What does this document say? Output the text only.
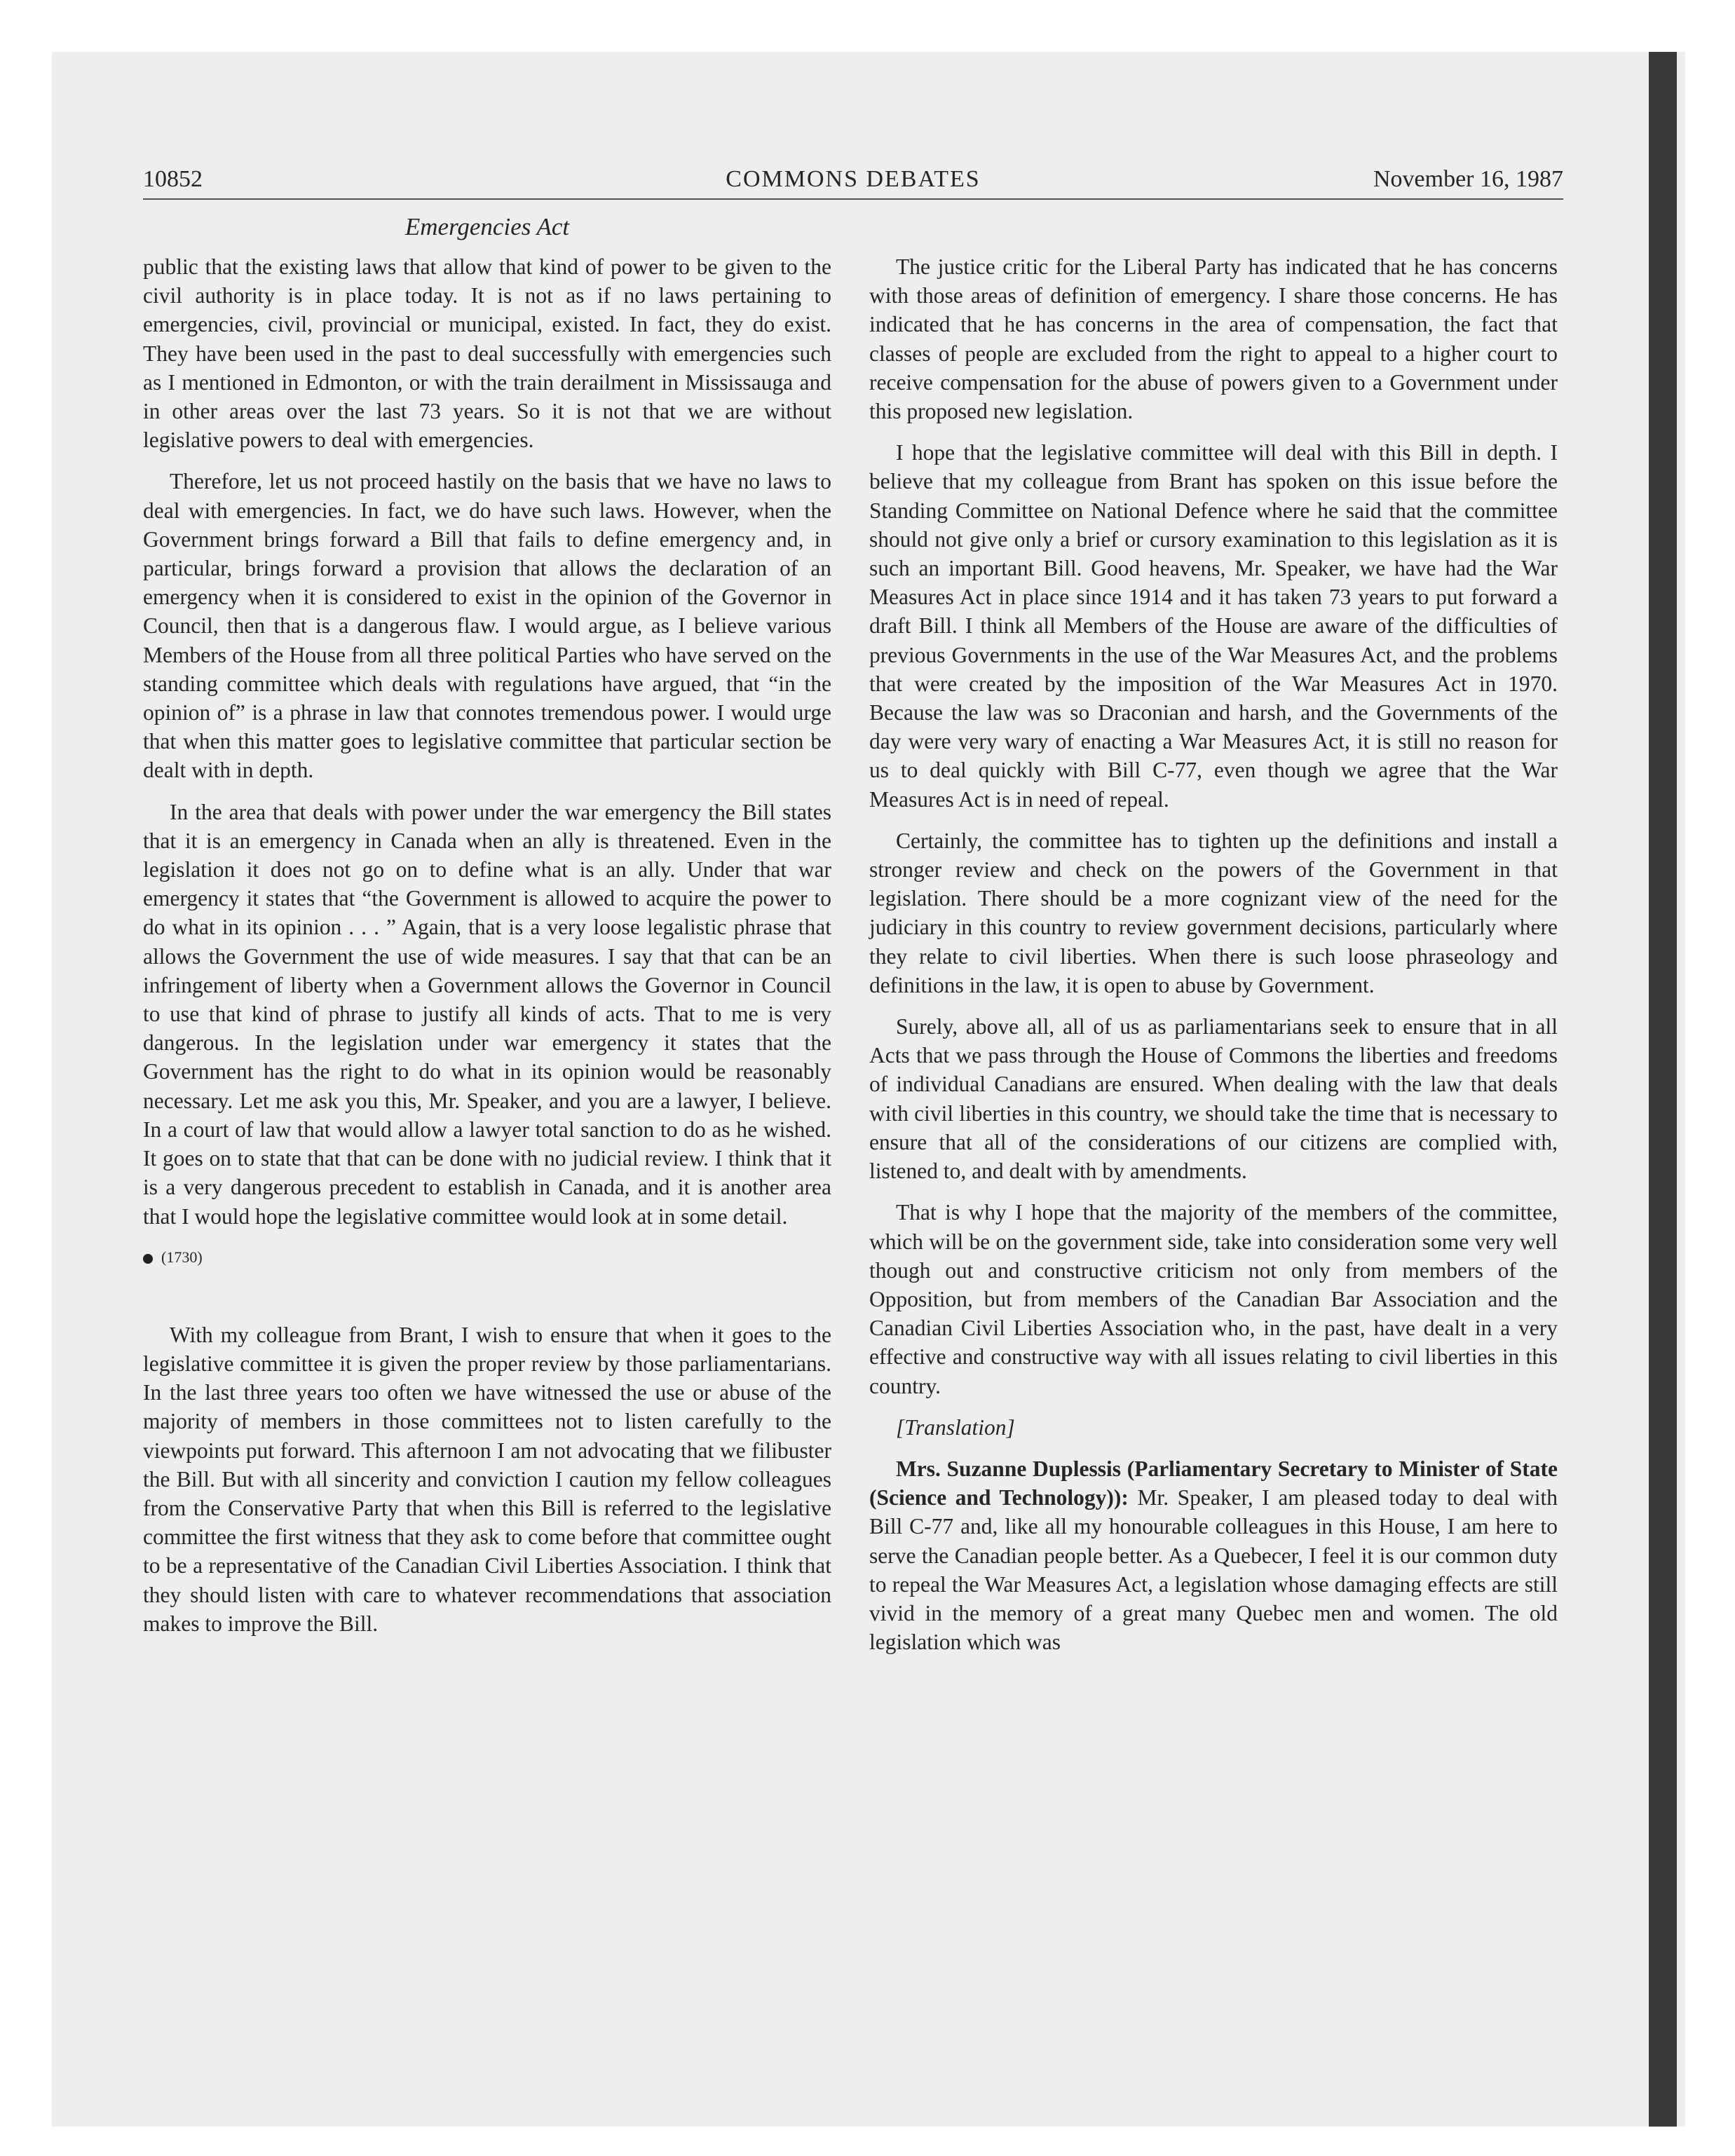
10852	COMMONS DEBATES	November 16, 1987
Emergencies Act

public that the existing laws that allow that kind of power to be given to the civil authority is in place today. It is not as if no laws pertaining to emergencies, civil, provincial or municipal, existed. In fact, they do exist. They have been used in the past to deal successfully with emergencies such as I mentioned in Edmonton, or with the train derailment in Mississauga and in other areas over the last 73 years. So it is not that we are without legislative powers to deal with emergencies.

Therefore, let us not proceed hastily on the basis that we have no laws to deal with emergencies. In fact, we do have such laws. However, when the Government brings forward a Bill that fails to define emergency and, in particular, brings forward a provision that allows the declaration of an emergency when it is considered to exist in the opinion of the Governor in Council, then that is a dangerous flaw. I would argue, as I believe various Members of the House from all three political Parties who have served on the standing committee which deals with regulations have argued, that “in the opinion of” is a phrase in law that connotes tremendous power. I would urge that when this matter goes to legislative committee that particular section be dealt with in depth.

In the area that deals with power under the war emergency the Bill states that it is an emergency in Canada when an ally is threatened. Even in the legislation it does not go on to define what is an ally. Under that war emergency it states that “the Government is allowed to acquire the power to do what in its opinion . . . ” Again, that is a very loose legalistic phrase that allows the Government the use of wide measures. I say that that can be an infringement of liberty when a Government allows the Governor in Council to use that kind of phrase to justify all kinds of acts. That to me is very dangerous. In the legislation under war emergency it states that the Government has the right to do what in its opinion would be reasonably necessary. Let me ask you this, Mr. Speaker, and you are a lawyer, I believe. In a court of law that would allow a lawyer total sanction to do as he wished. It goes on to state that that can be done with no judicial review. I think that it is a very dangerous precedent to establish in Canada, and it is another area that I would hope the legislative committee would look at in some detail.

(1730)

With my colleague from Brant, I wish to ensure that when it goes to the legislative committee it is given the proper review by those parliamentarians. In the last three years too often we have witnessed the use or abuse of the majority of members in those committees not to listen carefully to the viewpoints put forward. This afternoon I am not advocating that we filibuster the Bill. But with all sincerity and conviction I caution my fellow colleagues from the Conservative Party that when this Bill is referred to the legislative committee the first witness that they ask to come before that committee ought to be a representative of the Canadian Civil Liberties Association. I think that they should listen with care to whatever recommendations that association makes to improve the Bill.

The justice critic for the Liberal Party has indicated that he has concerns with those areas of definition of emergency. I share those concerns. He has indicated that he has concerns in the area of compensation, the fact that classes of people are excluded from the right to appeal to a higher court to receive compensation for the abuse of powers given to a Government under this proposed new legislation.

I hope that the legislative committee will deal with this Bill in depth. I believe that my colleague from Brant has spoken on this issue before the Standing Committee on National Defence where he said that the committee should not give only a brief or cursory examination to this legislation as it is such an important Bill. Good heavens, Mr. Speaker, we have had the War Measures Act in place since 1914 and it has taken 73 years to put forward a draft Bill. I think all Members of the House are aware of the difficulties of previous Governments in the use of the War Measures Act, and the problems that were created by the imposition of the War Measures Act in 1970. Because the law was so Draconian and harsh, and the Governments of the day were very wary of enacting a War Measures Act, it is still no reason for us to deal quickly with Bill C-77, even though we agree that the War Measures Act is in need of repeal.

Certainly, the committee has to tighten up the definitions and install a stronger review and check on the powers of the Government in that legislation. There should be a more cognizant view of the need for the judiciary in this country to review government decisions, particularly where they relate to civil liberties. When there is such loose phraseology and definitions in the law, it is open to abuse by Government.

Surely, above all, all of us as parliamentarians seek to ensure that in all Acts that we pass through the House of Commons the liberties and freedoms of individual Canadians are ensured. When dealing with the law that deals with civil liberties in this country, we should take the time that is necessary to ensure that all of the considerations of our citizens are complied with, listened to, and dealt with by amendments.

That is why I hope that the majority of the members of the committee, which will be on the government side, take into consideration some very well though out and constructive criticism not only from members of the Opposition, but from members of the Canadian Bar Association and the Canadian Civil Liberties Association who, in the past, have dealt in a very effective and constructive way with all issues relating to civil liberties in this country.

[Translation]

Mrs. Suzanne Duplessis (Parliamentary Secretary to Minister of State (Science and Technology)): Mr. Speaker, I am pleased today to deal with Bill C-77 and, like all my honourable colleagues in this House, I am here to serve the Canadian people better. As a Quebecer, I feel it is our common duty to repeal the War Measures Act, a legislation whose damaging effects are still vivid in the memory of a great many Quebec men and women. The old legislation which was
